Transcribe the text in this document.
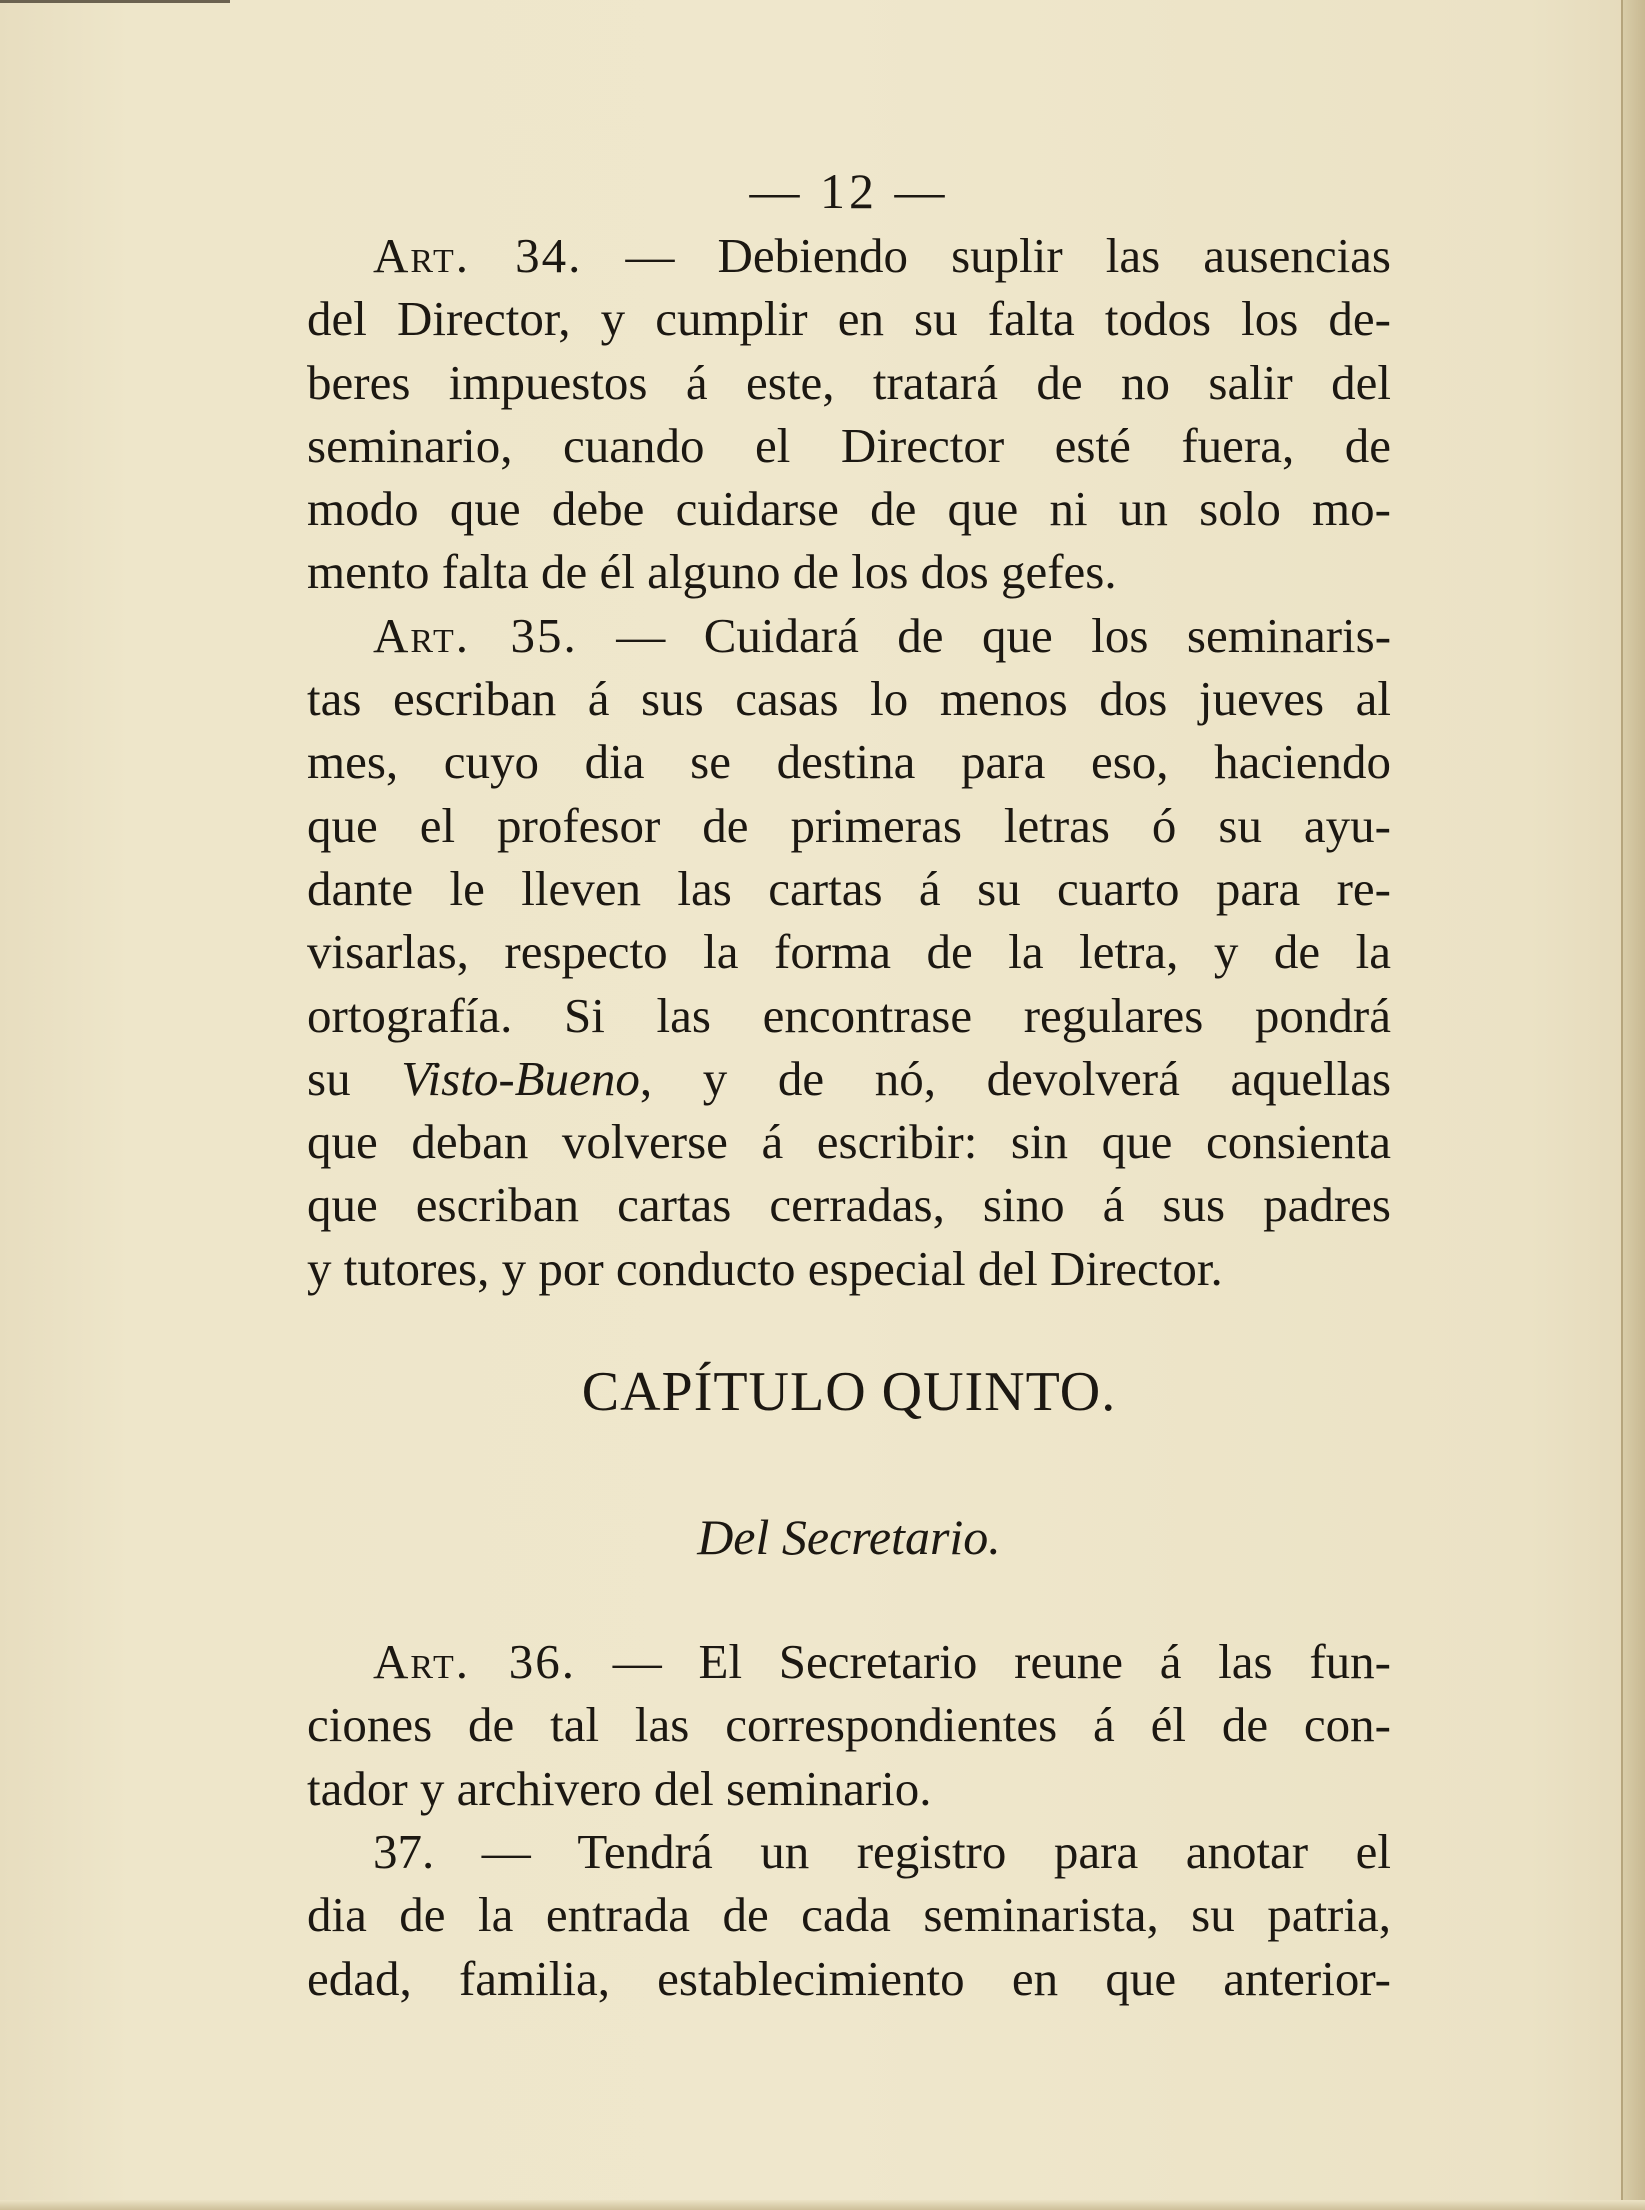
— 12 —
Art. 34. — Debiendo suplir las ausencias
del Director, y cumplir en su falta todos los de-
beres impuestos á este, tratará de no salir del
seminario, cuando el Director esté fuera, de
modo que debe cuidarse de que ni un solo mo-
mento falta de él alguno de los dos gefes.
Art. 35. — Cuidará de que los seminaris-
tas escriban á sus casas lo menos dos jueves al
mes, cuyo dia se destina para eso, haciendo
que el profesor de primeras letras ó su ayu-
dante le lleven las cartas á su cuarto para re-
visarlas, respecto la forma de la letra, y de la
ortografía. Si las encontrase regulares pondrá
su Visto-Bueno, y de nó, devolverá aquellas
que deban volverse á escribir: sin que consienta
que escriban cartas cerradas, sino á sus padres
y tutores, y por conducto especial del Director.
CAPÍTULO QUINTO.
Del Secretario.
Art. 36. — El Secretario reune á las fun-
ciones de tal las correspondientes á él de con-
tador y archivero del seminario.
37. — Tendrá un registro para anotar el
dia de la entrada de cada seminarista, su patria,
edad, familia, establecimiento en que anterior-
